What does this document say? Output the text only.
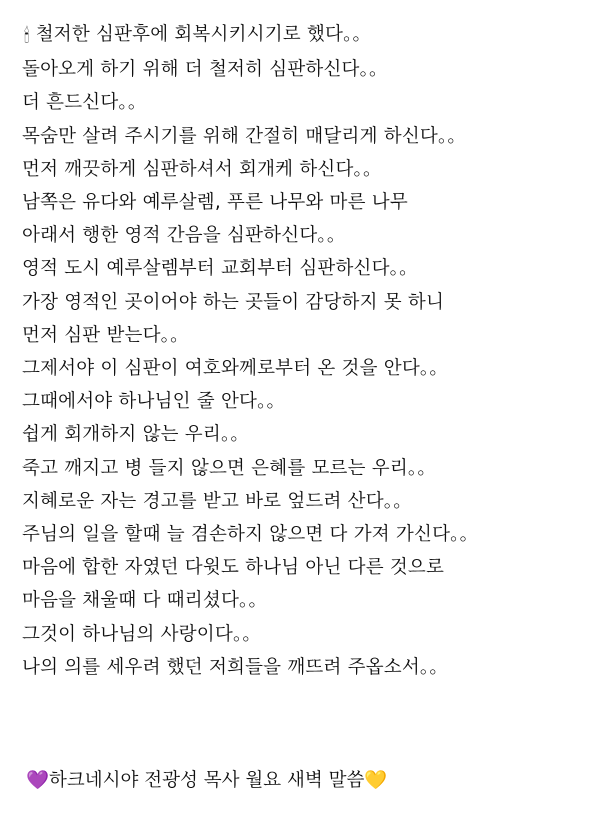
🕯 철저한 심판후에 회복시키시기로 했다。。
돌아오게 하기 위해 더 철저히 심판하신다。。
더 흔드신다。。
목숨만 살려 주시기를 위해 간절히 매달리게 하신다。。
먼저 깨끗하게 심판하셔서 회개케 하신다。。
남쪽은 유다와 예루살렘, 푸른 나무와 마른 나무
아래서 행한 영적 간음을 심판하신다。。
영적 도시 예루살렘부터 교회부터 심판하신다。。
가장 영적인 곳이어야 하는 곳들이 감당하지 못 하니
먼저 심판 받는다。。
그제서야 이 심판이 여호와께로부터 온 것을 안다。。
그때에서야 하나님인 줄 안다。。
쉽게 회개하지 않는 우리。。
죽고 깨지고 병 들지 않으면 은혜를 모르는 우리。。
지혜로운 자는 경고를 받고 바로 엎드려 산다。。
주님의 일을 할때 늘 겸손하지 않으면 다 가져 가신다。。
마음에 합한 자였던 다윗도 하나님 아닌 다른 것으로
마음을 채울때 다 때리셨다。。
그것이 하나님의 사랑이다。。
나의 의를 세우려 했던 저희들을 깨뜨려 주옵소서。。
💜하크네시야 전광성 목사 월요 새벽 말씀💛
